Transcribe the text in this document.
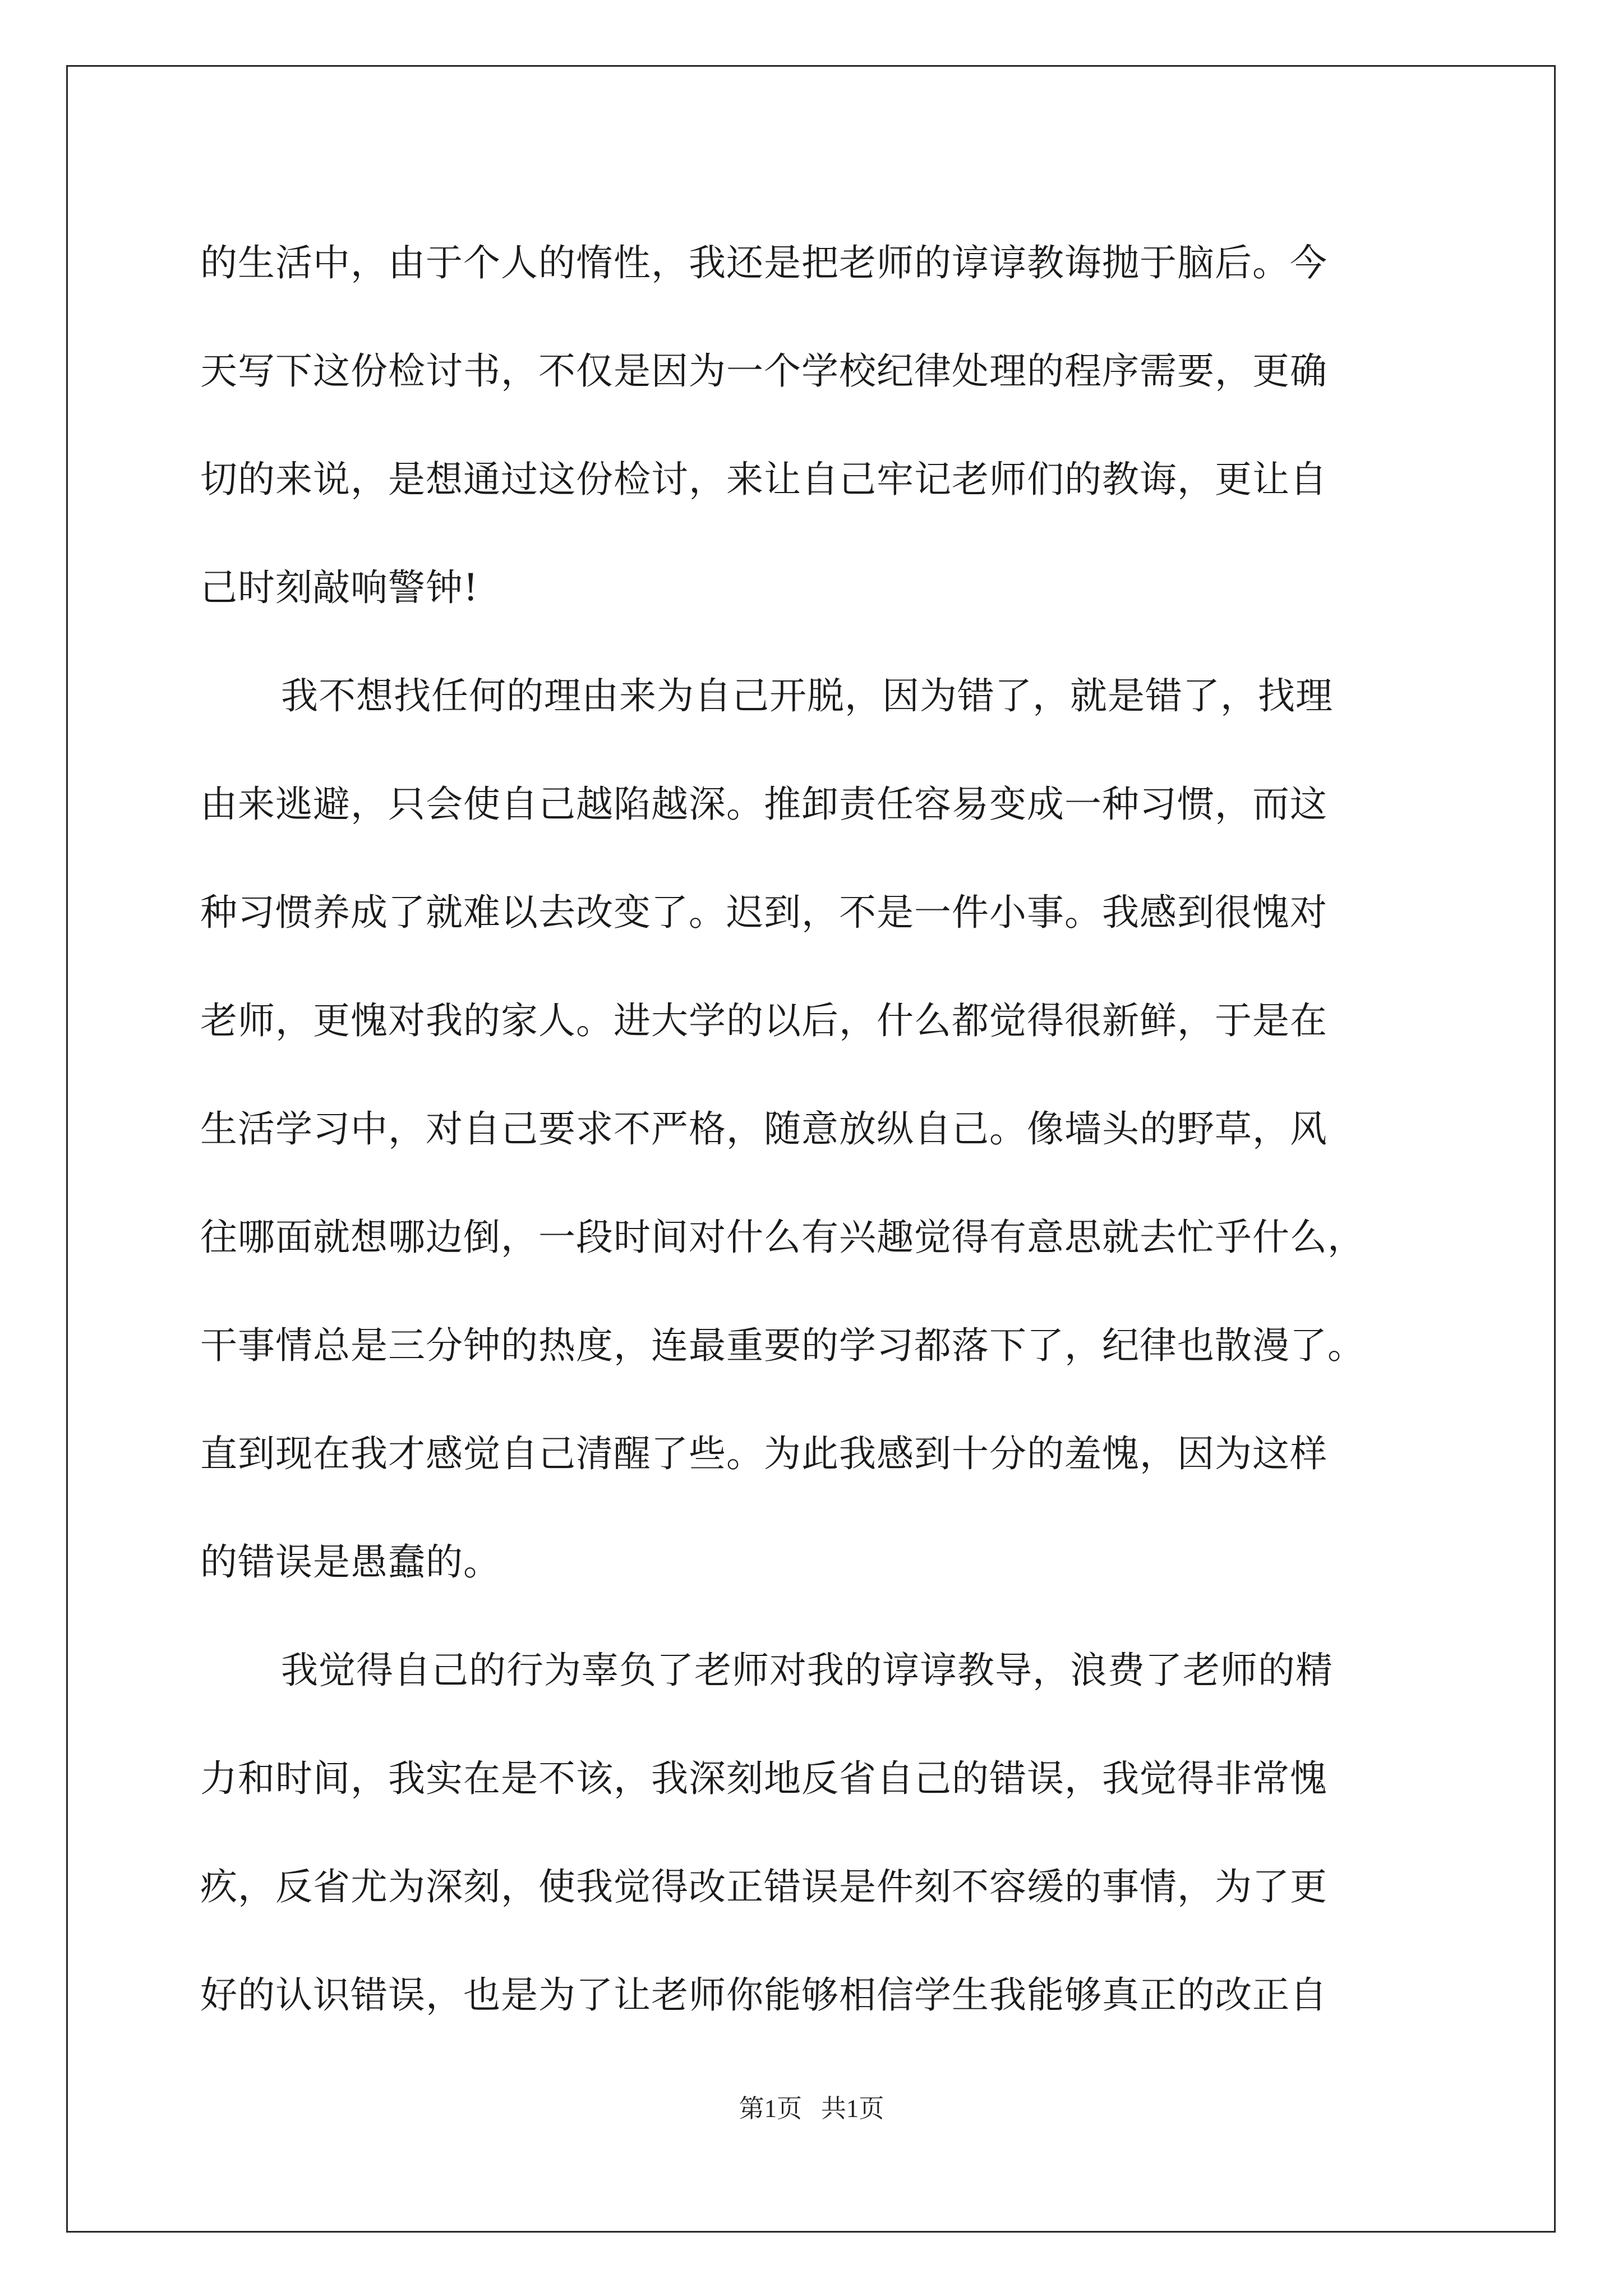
的生活中，由于个人的惰性，我还是把老师的谆谆教诲抛于脑后。今
天写下这份检讨书，不仅是因为一个学校纪律处理的程序需要，更确
切的来说，是想通过这份检讨，来让自己牢记老师们的教诲，更让自
己时刻敲响警钟!
我不想找任何的理由来为自己开脱，因为错了，就是错了，找理
由来逃避，只会使自己越陷越深。推卸责任容易变成一种习惯，而这
种习惯养成了就难以去改变了。迟到，不是一件小事。我感到很愧对
老师，更愧对我的家人。进大学的以后，什么都觉得很新鲜，于是在
生活学习中，对自己要求不严格，随意放纵自己。像墙头的野草，风
往哪面就想哪边倒，一段时间对什么有兴趣觉得有意思就去忙乎什么，
干事情总是三分钟的热度，连最重要的学习都落下了，纪律也散漫了。
直到现在我才感觉自己清醒了些。为此我感到十分的羞愧，因为这样
的错误是愚蠢的。
我觉得自己的行为辜负了老师对我的谆谆教导，浪费了老师的精
力和时间，我实在是不该，我深刻地反省自己的错误，我觉得非常愧
疚，反省尤为深刻，使我觉得改正错误是件刻不容缓的事情，为了更
好的认识错误，也是为了让老师你能够相信学生我能够真正的改正自
第1页 共1页
